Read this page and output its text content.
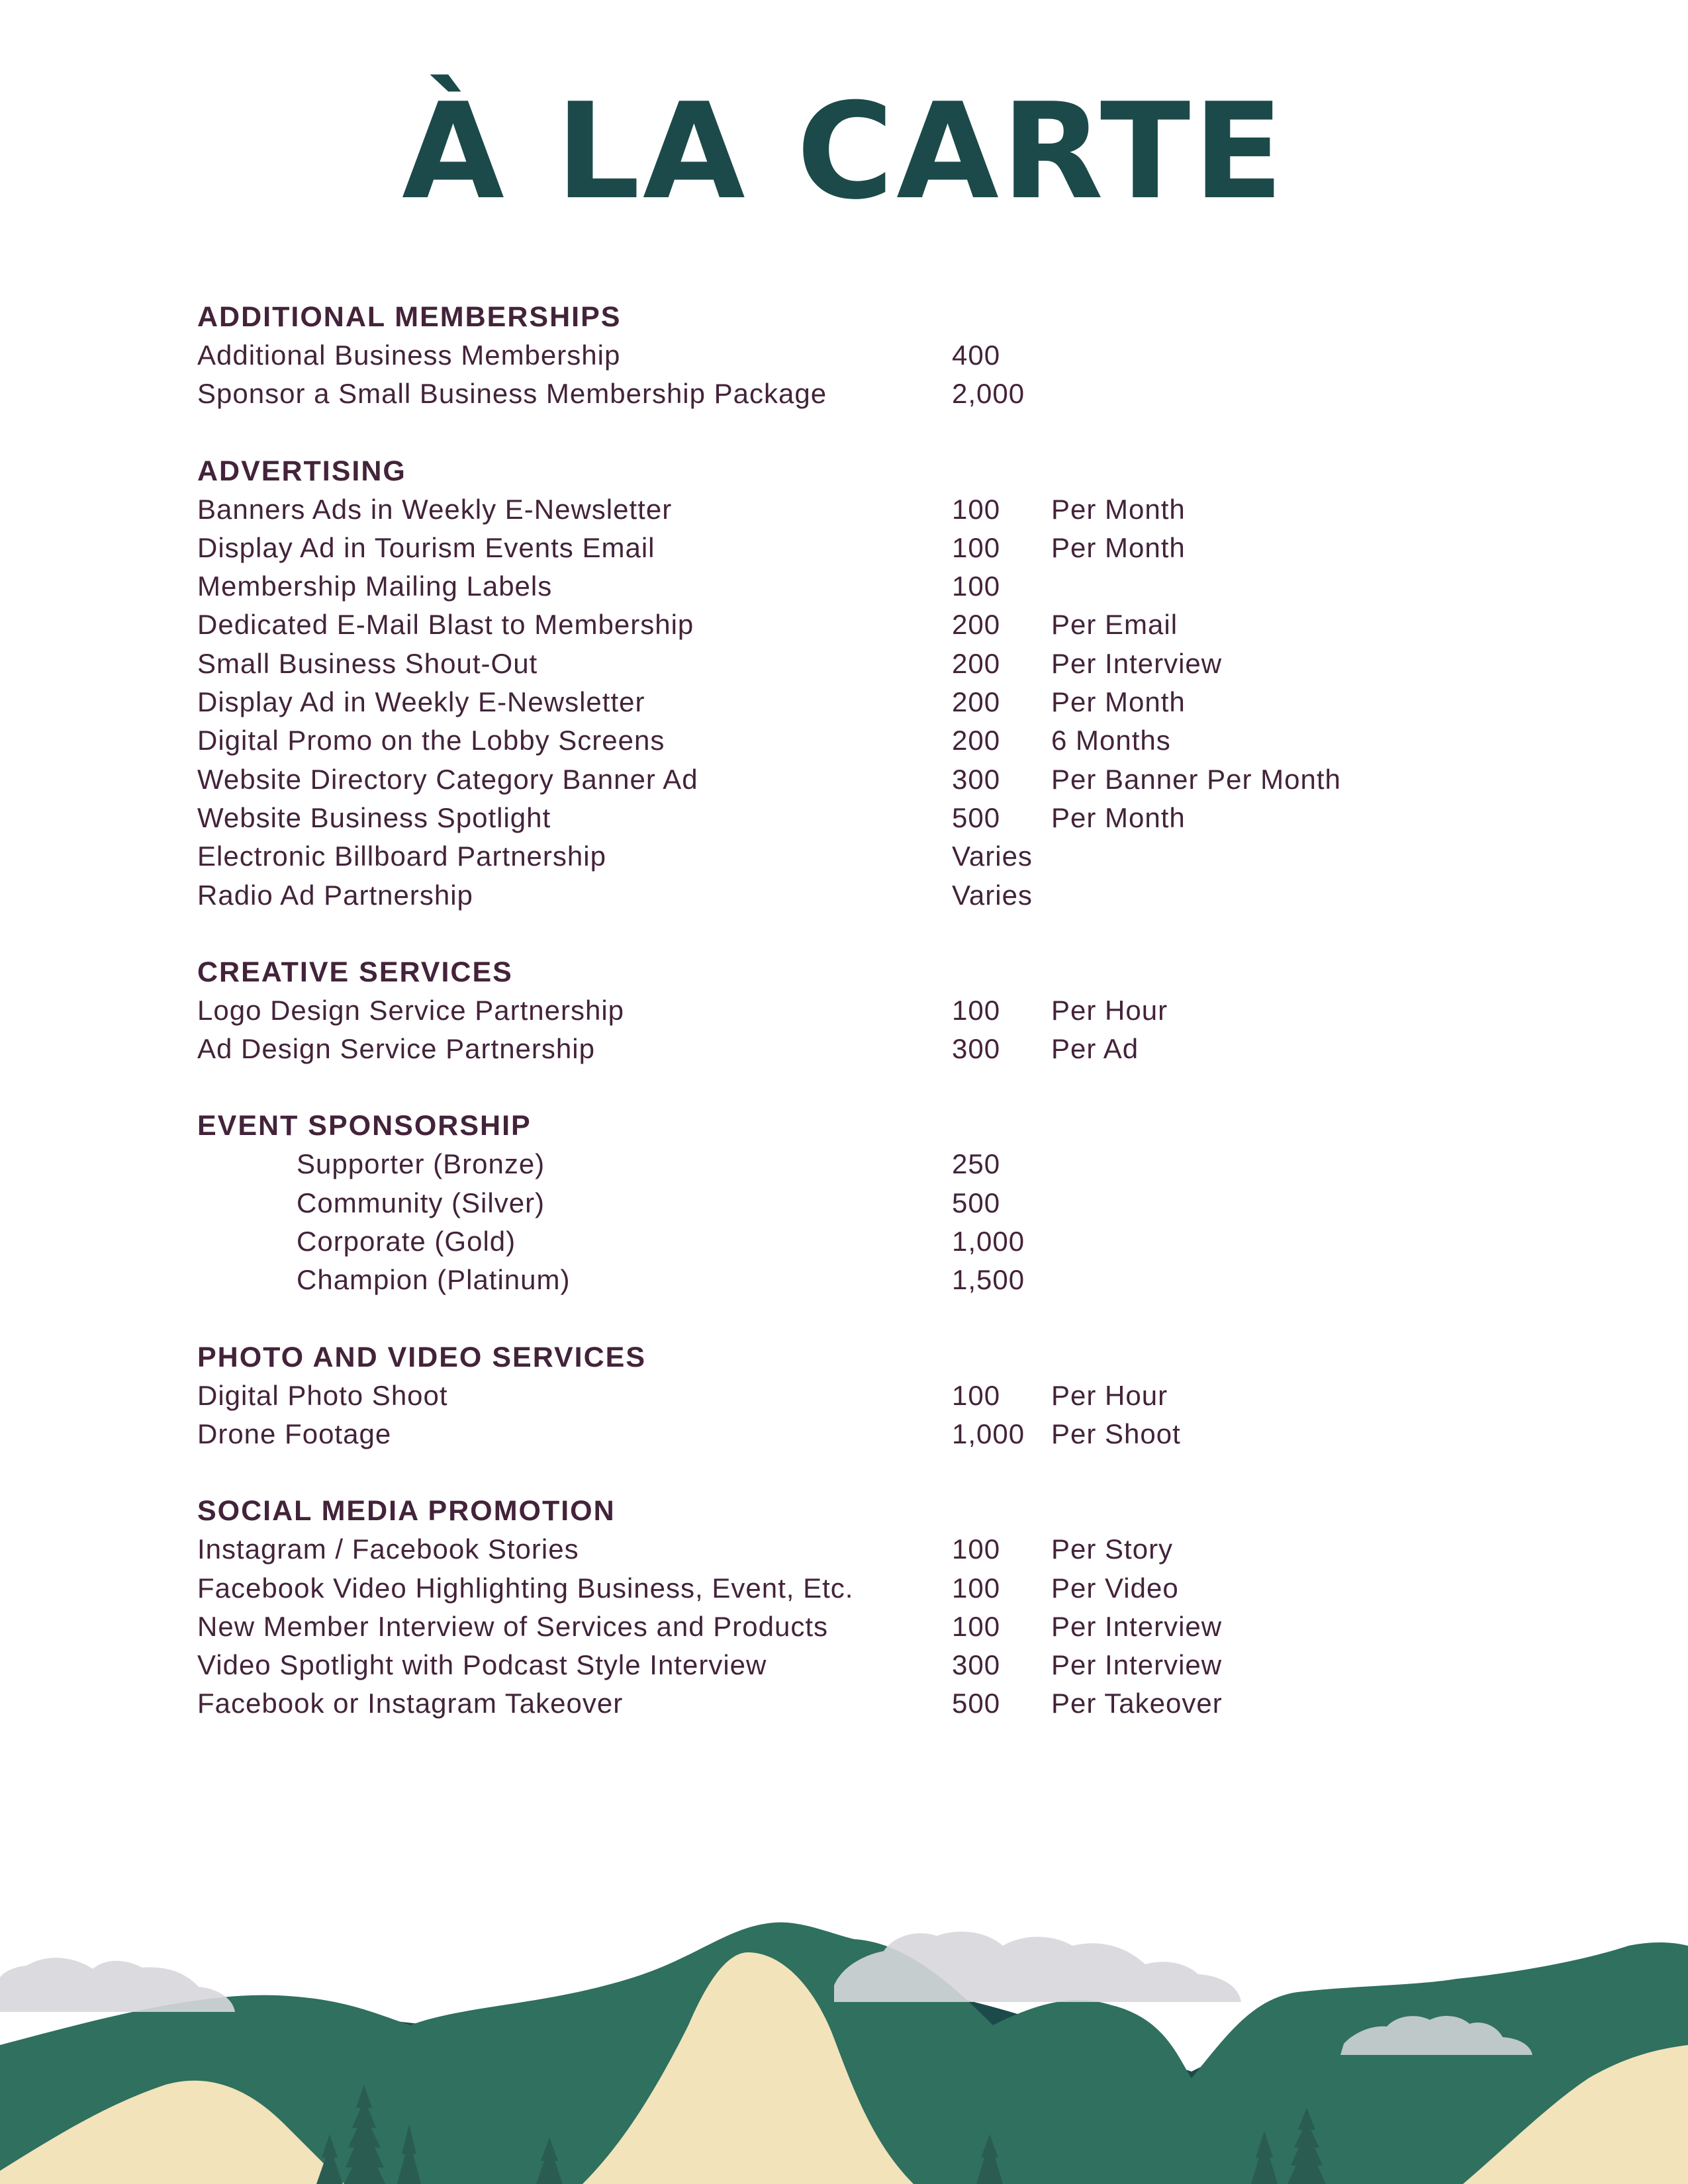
À LA CARTE
ADDITIONAL MEMBERSHIPS
Additional Business Membership	400
Sponsor a Small Business Membership Package	2,000
ADVERTISING
Banners Ads in Weekly E-Newsletter	100	Per Month
Display Ad in Tourism Events Email	100	Per Month
Membership Mailing Labels	100
Dedicated E-Mail Blast to Membership	200	Per Email
Small Business Shout-Out	200	Per Interview
Display Ad in Weekly E-Newsletter	200	Per Month
Digital Promo on the Lobby Screens	200	6 Months
Website Directory Category Banner Ad	300	Per Banner Per Month
Website Business Spotlight	500	Per Month
Electronic Billboard Partnership	Varies
Radio Ad Partnership	Varies
CREATIVE SERVICES
Logo Design Service Partnership	100	Per Hour
Ad Design Service Partnership	300	Per Ad
EVENT SPONSORSHIP
Supporter (Bronze)	250
Community (Silver)	500
Corporate (Gold)	1,000
Champion (Platinum)	1,500
PHOTO AND VIDEO SERVICES
Digital Photo Shoot	100	Per Hour
Drone Footage	1,000 Per Shoot
SOCIAL MEDIA PROMOTION
Instagram / Facebook Stories	100	Per Story
Facebook Video Highlighting Business, Event, Etc.	100	Per Video
New Member Interview of Services and Products	100	Per Interview
Video Spotlight with Podcast Style Interview	300	Per Interview
Facebook or Instagram Takeover	500	Per Takeover
